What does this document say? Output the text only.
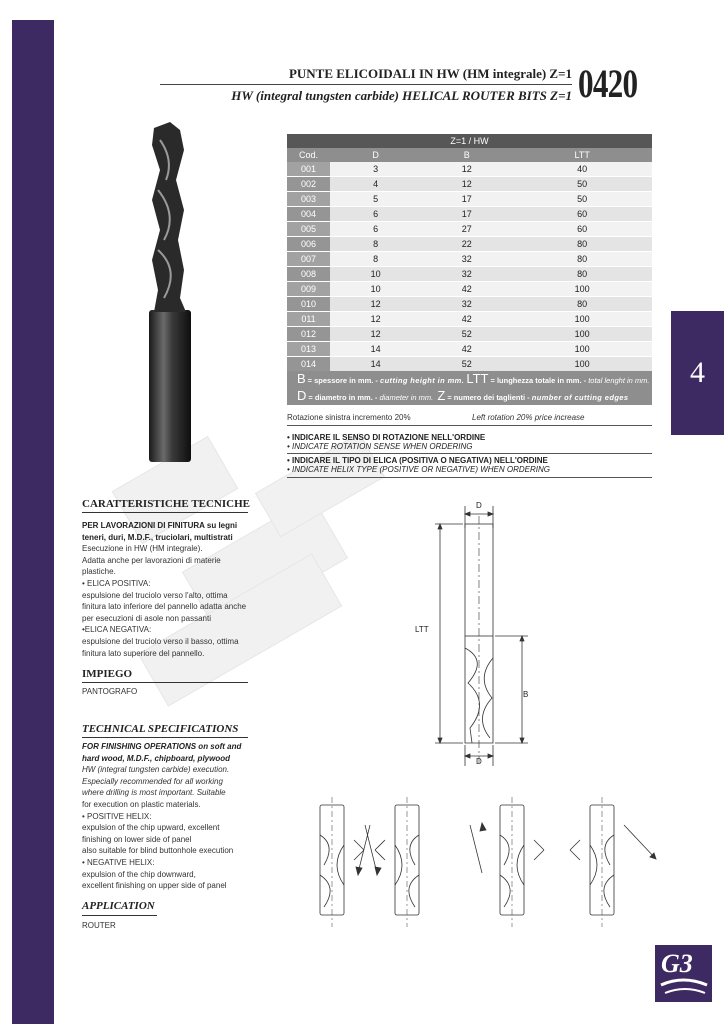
PUNTE ELICOIDALI IN HW (HM integrale) Z=1
HW (integral tungsten carbide) HELICAL ROUTER BITS Z=1 0420
4
Z=1 / HW			
Cod.	D	B	LTT
001	3	12	40
002	4	12	50
003	5	17	50
004	6	17	60
005	6	27	60
006	8	22	80
007	8	32	80
008	10	32	80
009	10	42	100
010	12	32	80
011	12	42	100
012	12	52	100
013	14	42	100
014	14	52	100
B = spessore in mm. - cutting height in mm. LTT = lunghezza totale in mm. - total lenght in mm.
D = diametro in mm. - diameter in mm. Z = numero dei taglienti - number of cutting edges
Rotazione sinistra incremento 20%	Left rotation 20% price increase
• INDICARE IL SENSO DI ROTAZIONE NELL'ORDINE
• INDICATE ROTATION SENSE WHEN ORDERING
• INDICARE IL TIPO DI ELICA (POSITIVA O NEGATIVA) NELL'ORDINE
• INDICATE HELIX TYPE (POSITIVE OR NEGATIVE) WHEN ORDERING
CARATTERISTICHE TECNICHE
PER LAVORAZIONI DI FINITURA su legni
teneri, duri, M.D.F., truciolari, multistrati
Esecuzione in HW (HM integrale).
Adatta anche per lavorazioni di materie
plastiche.
• ELICA POSITIVA:
espulsione del truciolo verso l'alto, ottima
finitura lato inferiore del pannello adatta anche
per esecuzioni di asole non passanti
•ELICA NEGATIVA:
espulsione del truciolo verso il basso, ottima
finitura lato superiore del pannello.
IMPIEGO
PANTOGRAFO
TECHNICAL SPECIFICATIONS
FOR FINISHING OPERATIONS on soft and
hard wood, M.D.F., chipboard, plywood
HW (integral tungsten carbide) execution.
Especially recommended for all working
where drilling is most important. Suitable
for execution on plastic materials.
• POSITIVE HELIX:
expulsion of the chip upward, excellent
finishing on lower side of panel
also suitable for blind buttonhole execution
• NEGATIVE HELIX:
expulsion of the chip downward,
excellent finishing on upper side of panel
APPLICATION
ROUTER
D
LTT
B
D
G3
